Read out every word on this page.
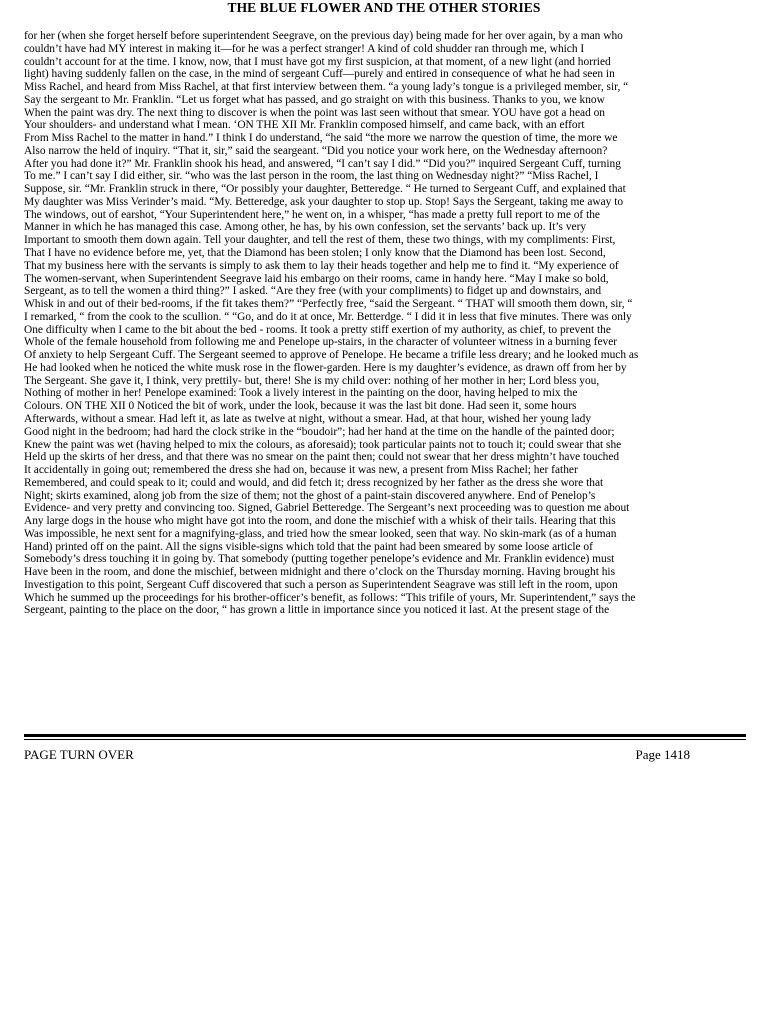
THE BLUE FLOWER AND THE OTHER STORIES
for her (when she forget herself before superintendent Seegrave, on the previous day) being made for her over again, by a man who
couldn’t have had MY interest in making it—for he was a perfect stranger! A kind of cold shudder ran through me, which I
couldn’t account for at the time. I know, now, that I must have got my first suspicion, at that moment, of a new light (and horried
light) having suddenly fallen on the case, in the mind of sergeant Cuff—purely and entired in consequence of what he had seen in
Miss Rachel, and heard from Miss Rachel, at that first interview between them. “a young lady’s tongue is a privileged member, sir, “
Say the sergeant to Mr. Franklin. “Let us forget what has passed, and go straight on with this business. Thanks to you, we know
When the paint was dry. The next thing to discover is when the point was last seen without that smear. YOU have got a head on
Your shoulders- and understand what I mean. ‘ON THE XII Mr. Franklin composed himself, and came back, with an effort
From Miss Rachel to the matter in hand.” I think I do understand, “he said “the more we narrow the question of time, the more we
Also narrow the held of inquiry. “That it, sir,” said the seargeant. “Did you notice your work here, on the Wednesday afternoon?
After you had done it?” Mr. Franklin shook his head, and answered, “I can’t say I did.” “Did you?” inquired Sergeant Cuff, turning
To me.” I can’t say I did either, sir. “who was the last person in the room, the last thing on Wednesday night?” “Miss Rachel, I
Suppose, sir. “Mr. Franklin struck in there, “Or possibly your daughter, Betteredge. “ He turned to Sergeant Cuff, and explained that
My daughter was Miss Verinder’s maid. “My. Betteredge, ask your daughter to stop up. Stop! Says the Sergeant, taking me away to
The windows, out of earshot, “Your Superintendent here,” he went on, in a whisper, “has made a pretty full report to me of the
Manner in which he has managed this case. Among other, he has, by his own confession, set the servants’ back up. It’s very
Important to smooth them down again. Tell your daughter, and tell the rest of them, these two things, with my compliments: First,
That I have no evidence before me, yet, that the Diamond has been stolen; I only know that the Diamond has been lost. Second,
That my business here with the servants is simply to ask them to lay their heads together and help me to find it. “My experience of
The women-servant, when Superintendent Seegrave laid his embargo on their rooms, came in handy here. “May I make so bold,
Sergeant, as to tell the women a third thing?” I asked. “Are they free (with your compliments) to fidget up and downstairs, and
Whisk in and out of their bed-rooms, if the fit takes them?” “Perfectly free, “said the Sergeant. “ THAT will smooth them down, sir, “
I remarked, “ from the cook to the scullion. “ “Go, and do it at once, Mr. Betterdge. “ I did it in less that five minutes. There was only
One difficulty when I came to the bit about the bed - rooms. It took a pretty stiff exertion of my authority, as chief, to prevent the
Whole of the female household from following me and Penelope up-stairs, in the character of volunteer witness in a burning fever
Of anxiety to help Sergeant Cuff. The Sergeant seemed to approve of Penelope. He became a trifile less dreary; and he looked much as
He had looked when he noticed the white musk rose in the flower-garden. Here is my daughter’s evidence, as drawn off from her by
The Sergeant. She gave it, I think, very prettily- but, there! She is my child over: nothing of her mother in her; Lord bless you,
Nothing of mother in her! Penelope examined: Took a lively interest in the painting on the door, having helped to mix the
Colours. ON THE XII 0 Noticed the bit of work, under the look, because it was the last bit done. Had seen it, some hours
Afterwards, without a smear. Had left it, as late as twelve at night, without a smear. Had, at that hour, wished her young lady
Good night in the bedroom; had hard the clock strike in the “boudoir”; had her hand at the time on the handle of the painted door;
Knew the paint was wet (having helped to mix the colours, as aforesaid); took particular paints not to touch it; could swear that she
Held up the skirts of her dress, and that there was no smear on the paint then; could not swear that her dress mightn’t have touched
It accidentally in going out; remembered the dress she had on, because it was new, a present from Miss Rachel; her father
Remembered, and could speak to it; could and would, and did fetch it; dress recognized by her father as the dress she wore that
Night; skirts examined, along job from the size of them; not the ghost of a paint-stain discovered anywhere. End of Penelop’s
Evidence- and very pretty and convincing too. Signed, Gabriel Betteredge. The Sergeant’s next proceeding was to question me about
Any large dogs in the house who might have got into the room, and done the mischief with a whisk of their tails. Hearing that this
Was impossible, he next sent for a magnifying-glass, and tried how the smear looked, seen that way. No skin-mark (as of a human
Hand) printed off on the paint. All the signs visible-signs which told that the paint had been smeared by some loose article of
Somebody’s dress touching it in going by. That somebody (putting together penelope’s evidence and Mr. Franklin evidence) must
Have been in the room, and done the mischief, between midnight and there o’clock on the Thursday morning. Having brought his
Investigation to this point, Sergeant Cuff discovered that such a person as Superintendent Seagrave was still left in the room, upon
Which he summed up the proceedings for his brother-officer’s benefit, as follows: “This trifile of yours, Mr. Superintendent,” says the
Sergeant, painting to the place on the door, “ has grown a little in importance since you noticed it last. At the present stage of the
PAGE TURN OVER	Page 1418
